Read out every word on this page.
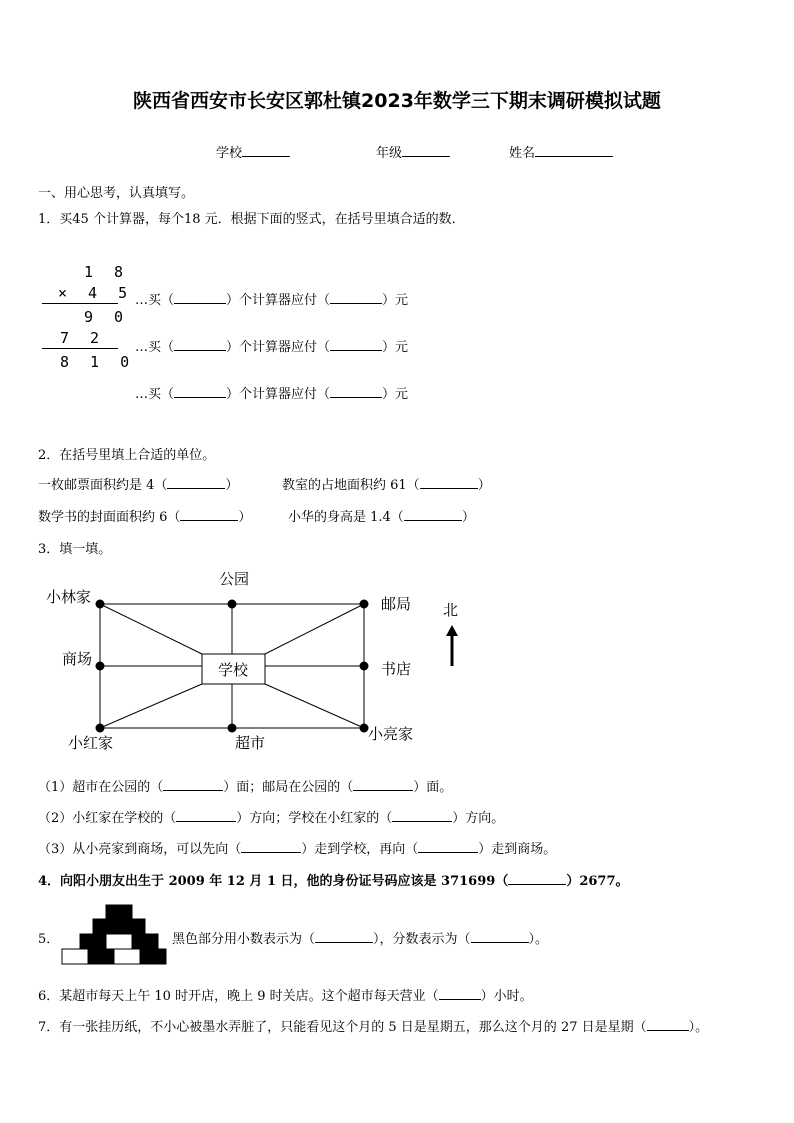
陕西省西安市长安区郭杜镇2023年数学三下期末调研模拟试题
学校	年级	姓名
一、用心思考，认真填写。
1．买45 个计算器，每个18 元．根据下面的竖式，在括号里填合适的数．
1 8
× 4 5
9 0
7 2
8 1 0
…买（	）个计算器应付（	）元
…买（	）个计算器应付（	）元
…买（	）个计算器应付（	）元
2．在括号里填上合适的单位。
一枚邮票面积约是 4（	）	教室的占地面积约 61（	）
数学书的封面面积约 6（	）	小华的身高是 1.4（	）
3．填一填。
公园
小林家	邮局
商场
学校	书店
小红家	超市	小亮家
北
（1）超市在公园的（	）面；邮局在公园的（	）面。
（2）小红家在学校的（	）方向；学校在小红家的（	）方向。
（3）从小亮家到商场，可以先向（	）走到学校，再向（	）走到商场。
4．向阳小朋友出生于 2009 年 12 月 1 日，他的身份证号码应该是 371699（	）2677。
5．	黑色部分用小数表示为（	），分数表示为（	）。
6．某超市每天上午 10 时开店，晚上 9 时关店。这个超市每天营业（	）小时。
7．有一张挂历纸，不小心被墨水弄脏了，只能看见这个月的 5 日是星期五，那么这个月的 27 日是星期（	）。
